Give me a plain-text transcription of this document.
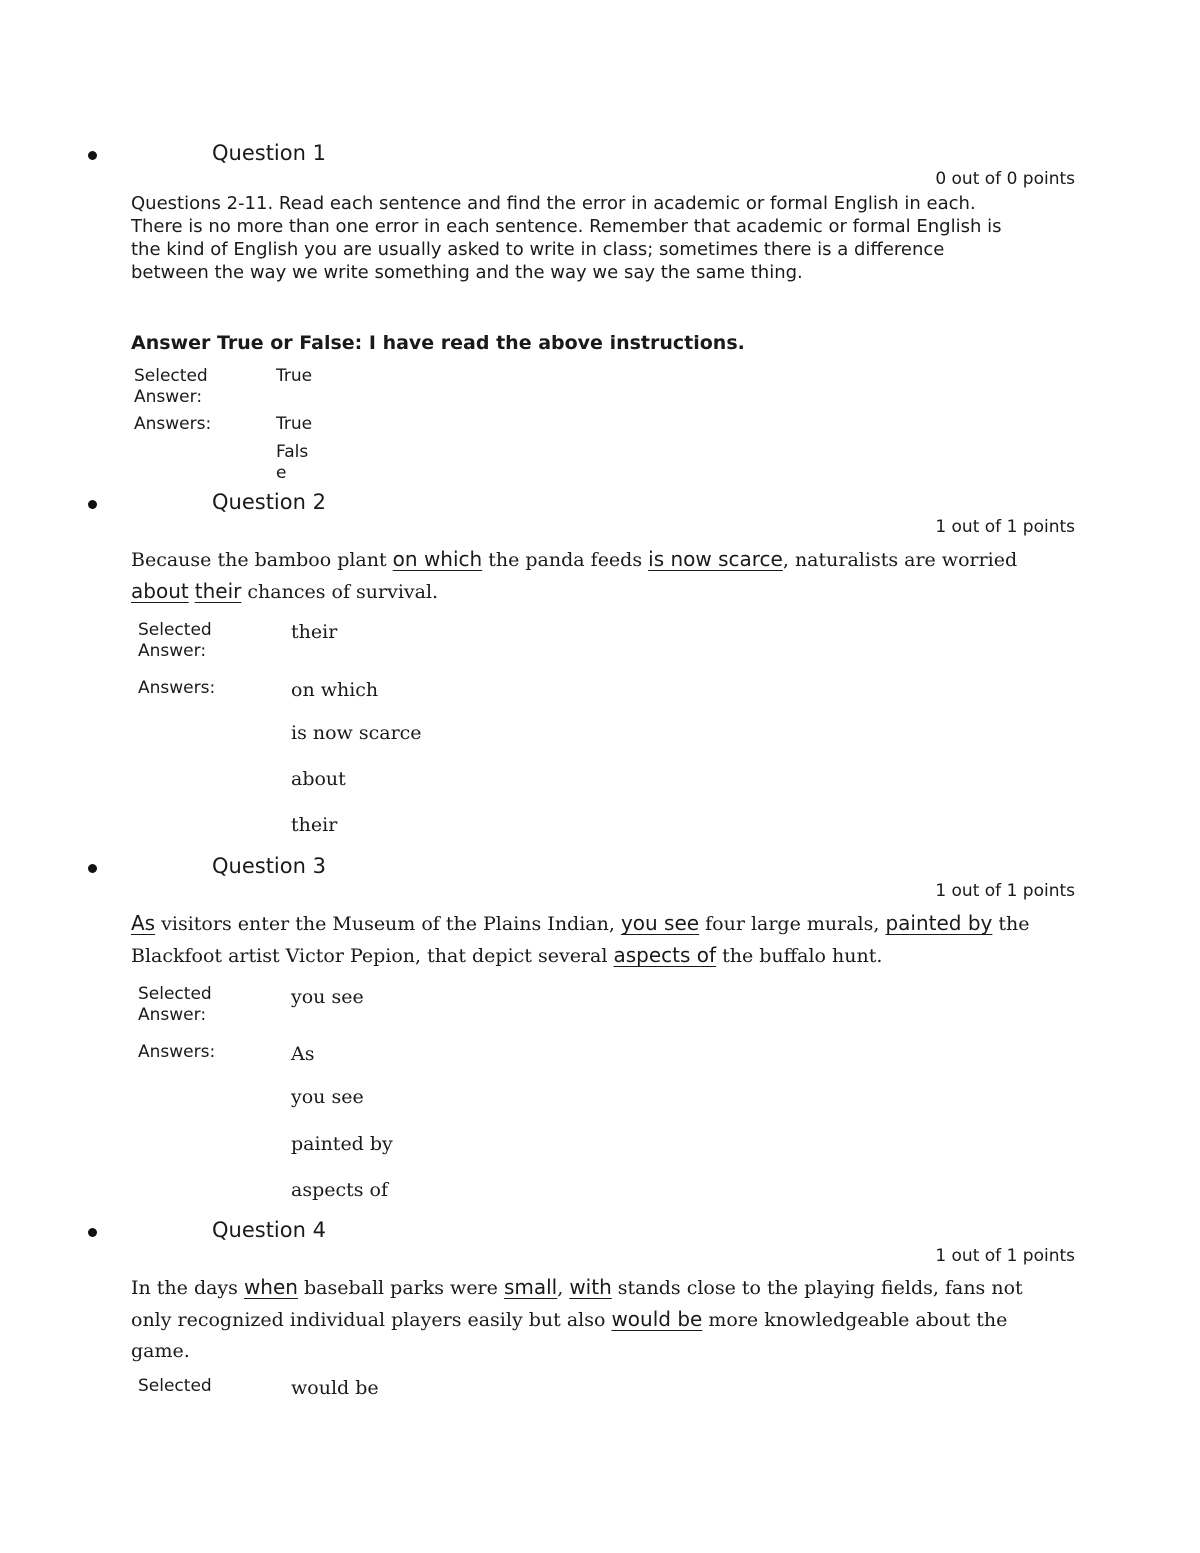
Question 1
0 out of 0 points
Questions 2-11. Read each sentence and find the error in academic or formal English in each. There is no more than one error in each sentence. Remember that academic or formal English is the kind of English you are usually asked to write in class; sometimes there is a difference between the way we write something and the way we say the same thing.
Answer True or False: I have read the above instructions.
Selected Answer:
True
Answers:	True
False
Question 2
1 out of 1 points
Because the bamboo plant on which the panda feeds is now scarce, naturalists are worried about their chances of survival.
Selected Answer:
their
Answers:	on which
is now scarce
about
their
Question 3
1 out of 1 points
As visitors enter the Museum of the Plains Indian, you see four large murals, painted by the Blackfoot artist Victor Pepion, that depict several aspects of the buffalo hunt.
Selected Answer:
you see
Answers:	As
you see
painted by
aspects of
Question 4
1 out of 1 points
In the days when baseball parks were small, with stands close to the playing fields, fans not only recognized individual players easily but also would be more knowledgeable about the game.
Selected	would be
